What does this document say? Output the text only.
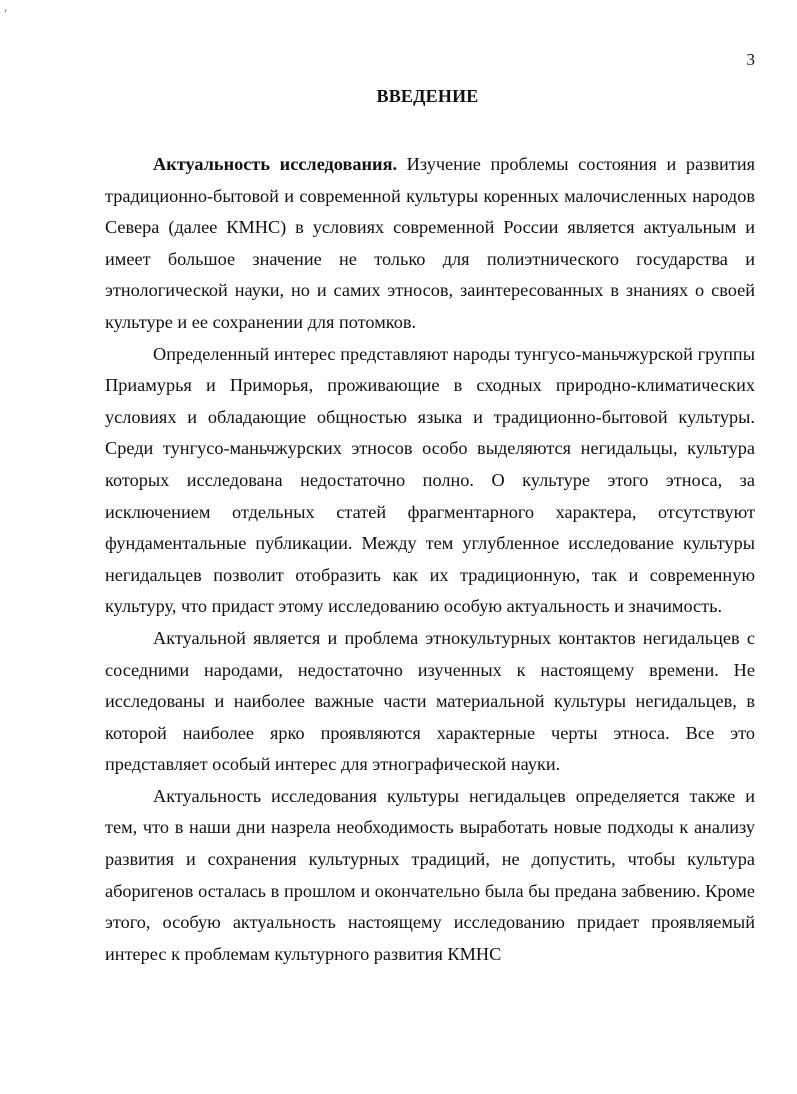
՛
3
ВВЕДЕНИЕ

Актуальность исследования. Изучение проблемы состояния и развития традиционно-бытовой и современной культуры коренных малочисленных народов Севера (далее КМНС) в условиях современной России является актуальным и имеет большое значение не только для полиэтнического государства и этнологической науки, но и самих этносов, заинтересованных в знаниях о своей культуре и ее сохранении для потомков.

Определенный интерес представляют народы тунгусо-маньчжурской группы Приамурья и Приморья, проживающие в сходных природно-климатических условиях и обладающие общностью языка и традиционно-бытовой культуры. Среди тунгусо-маньчжурских этносов особо выделяются негидальцы, культура которых исследована недостаточно полно. О культуре этого этноса, за исключением отдельных статей фрагментарного характера, отсутствуют фундаментальные публикации. Между тем углубленное исследование культуры негидальцев позволит отобразить как их традиционную, так и современную культуру, что придаст этому исследованию особую актуальность и значимость.

Актуальной является и проблема этнокультурных контактов негидальцев с соседними народами, недостаточно изученных к настоящему времени. Не исследованы и наиболее важные части материальной культуры негидальцев, в которой наиболее ярко проявляются характерные черты этноса. Все это представляет особый интерес для этнографической науки.

Актуальность исследования культуры негидальцев определяется также и тем, что в наши дни назрела необходимость выработать новые подходы к анализу развития и сохранения культурных традиций, не допустить, чтобы культура аборигенов осталась в прошлом и окончательно была бы предана забвению. Кроме этого, особую актуальность настоящему исследованию придает проявляемый интерес к проблемам культурного развития КМНС
